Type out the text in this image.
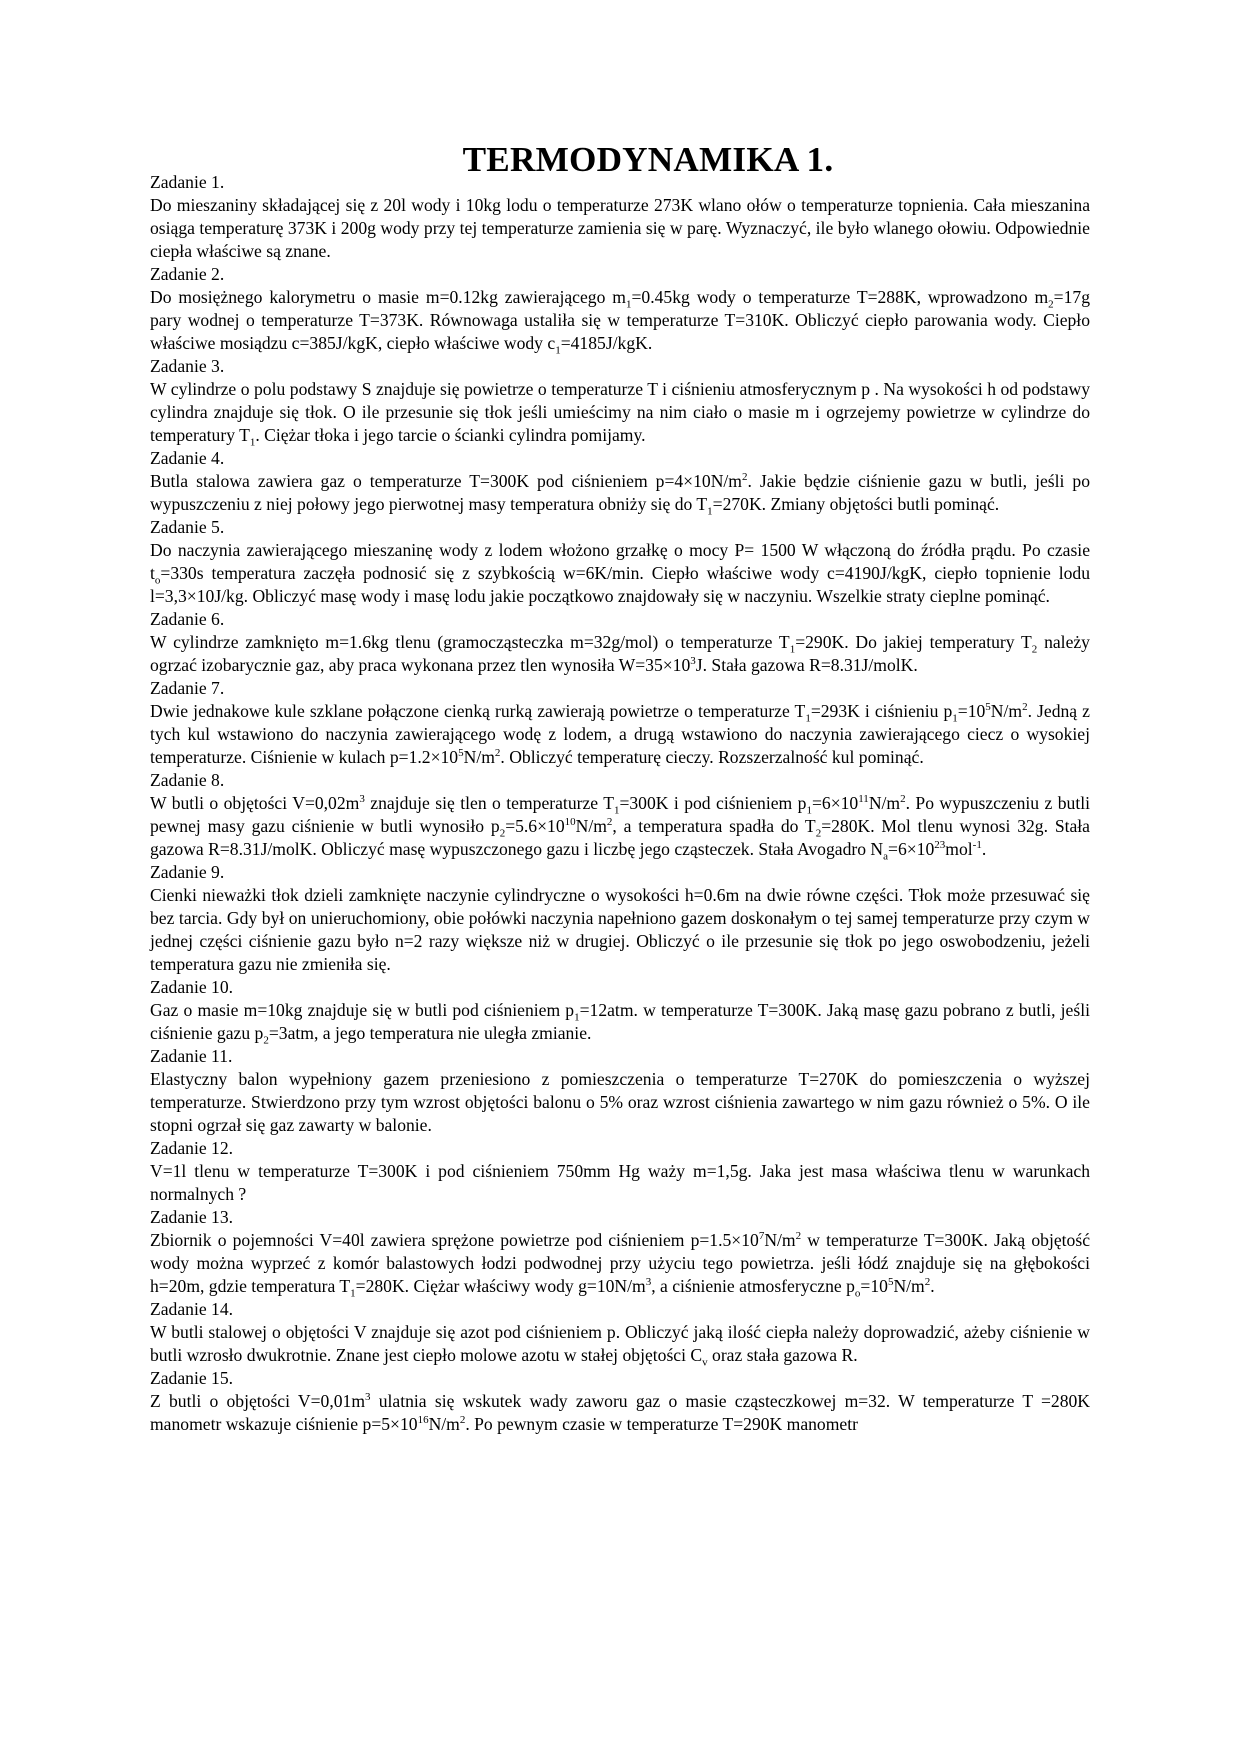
TERMODYNAMIKA 1.

Zadanie 1.

Do mieszaniny składającej się z 20l wody i 10kg lodu o temperaturze 273K wlano ołów o temperaturze topnienia. Cała mieszanina osiąga temperaturę 373K i 200g wody przy tej temperaturze zamienia się w parę. Wyznaczyć, ile było wlanego ołowiu. Odpowiednie ciepła właściwe są znane.

Zadanie 2.

Do mosiężnego kalorymetru o masie m=0.12kg zawierającego $m_1=0.45kg$ wody o temperaturze T=288K, wprowadzono $m_2=17g$ pary wodnej o temperaturze T=373K. Równowaga ustaliła się w temperaturze T=310K. Obliczyć ciepło parowania wody. Ciepło właściwe mosiądzu c=385J/kgK, ciepło właściwe wody $c_1=4185J$/kgK.

Zadanie 3.

W cylindrze o polu podstawy S znajduje się powietrze o temperaturze T i ciśnieniu atmosferycznym p . Na wysokości h od podstawy cylindra znajduje się tłok. O ile przesunie się tłok jeśli umieścimy na nim ciało o masie m i ogrzejemy powietrze w cylindrze do temperatury $T_1$. Ciężar tłoka i jego tarcie o ścianki cylindra pomijamy.

Zadanie 4.

Butla stalowa zawiera gaz o temperaturze T=300K pod ciśnieniem $p=4\times 10N/m^2$. Jakie będzie ciśnienie gazu w butli, jeśli po wypuszczeniu z niej połowy jego pierwotnej masy temperatura obniży się do $T_1=270K$. Zmiany objętości butli pominąć.

Zadanie 5.

Do naczynia zawierającego mieszaninę wody z lodem włożono grzałkę o mocy P= 1500 W włączoną do źródła prądu. Po czasie $t_o=330s$ temperatura zaczęła podnosić się z szybkością w=6K/min. Ciepło właściwe wody c=4190J/kgK, ciepło topnienie lodu l=3,3×10J/kg. Obliczyć masę wody i masę lodu jakie początkowo znajdowały się w naczyniu. Wszelkie straty cieplne pominąć.

Zadanie 6.

W cylindrze zamknięto m=1.6kg tlenu (gramocząsteczka m=32g/mol) o temperaturze $T_1=290K$. Do jakiej temperatury $T_2$ należy ogrzać izobarycznie gaz, aby praca wykonana przez tlen wynosiła $W=35\times 10^3J$. Stała gazowa R=8.31J/molK.

Zadanie 7.

Dwie jednakowe kule szklane połączone cienką rurką zawierają powietrze o temperaturze $T_1=293K$ i ciśnieniu $p_1=10^5N/m^2$. Jedną z tych kul wstawiono do naczynia zawierającego wodę z lodem, a drugą wstawiono do naczynia zawierającego ciecz o wysokiej temperaturze. Ciśnienie w kulach $p=1.2\times 10^5N/m^2$. Obliczyć temperaturę cieczy. Rozszerzalność kul pominąć.

Zadanie 8.

W butli o objętości $V=0,02m^3$ znajduje się tlen o temperaturze $T_1=300K$ i pod ciśnieniem $p_1=6\times 10^{11}N/m^2$. Po wypuszczeniu z butli pewnej masy gazu ciśnienie w butli wynosiło $p_2=5.6\times 10^{10}N/m^2$, a temperatura spadła do $T_2=280K$. Mol tlenu wynosi 32g. Stała gazowa R=8.31J/molK. Obliczyć masę wypuszczonego gazu i liczbę jego cząsteczek. Stała Avogadro $N_a=6\times 10^{23}mol^{-1}$.

Zadanie 9.

Cienki nieważki tłok dzieli zamknięte naczynie cylindryczne o wysokości h=0.6m na dwie równe części. Tłok może przesuwać się bez tarcia. Gdy był on unieruchomiony, obie połówki naczynia napełniono gazem doskonałym o tej samej temperaturze przy czym w jednej części ciśnienie gazu było n=2 razy większe niż w drugiej. Obliczyć o ile przesunie się tłok po jego oswobodzeniu, jeżeli temperatura gazu nie zmieniła się.

Zadanie 10.

Gaz o masie m=10kg znajduje się w butli pod ciśnieniem $p_1=12atm$. w temperaturze T=300K. Jaką masę gazu pobrano z butli, jeśli ciśnienie gazu $p_2=3atm$, a jego temperatura nie uległa zmianie.

Zadanie 11.

Elastyczny balon wypełniony gazem przeniesiono z pomieszczenia o temperaturze T=270K do pomieszczenia o wyższej temperaturze. Stwierdzono przy tym wzrost objętości balonu o 5% oraz wzrost ciśnienia zawartego w nim gazu również o 5%. O ile stopni ogrzał się gaz zawarty w balonie.

Zadanie 12.

V=1l tlenu w temperaturze T=300K i pod ciśnieniem 750mm Hg waży m=1,5g. Jaka jest masa właściwa tlenu w warunkach normalnych ?

Zadanie 13.

Zbiornik o pojemności V=40l zawiera sprężone powietrze pod ciśnieniem $p=1.5\times 10^7N/m^2$ w temperaturze T=300K. Jaką objętość wody można wyprzeć z komór balastowych łodzi podwodnej przy użyciu tego powietrza. jeśli łódź znajduje się na głębokości h=20m, gdzie temperatura $T_1=280K$. Ciężar właściwy wody $g=10N/m^3$, a ciśnienie atmosferyczne $p_o=10^5N/m^2$.

Zadanie 14.

W butli stalowej o objętości V znajduje się azot pod ciśnieniem p. Obliczyć jaką ilość ciepła należy doprowadzić, ażeby ciśnienie w butli wzrosło dwukrotnie. Znane jest ciepło molowe azotu w stałej objętości $C_v$ oraz stała gazowa R.

Zadanie 15.

Z butli o objętości $V=0,01m^3$ ulatnia się wskutek wady zaworu gaz o masie cząsteczkowej m=32. W temperaturze T =280K manometr wskazuje ciśnienie $p=5\times 10^{16}N/m^2$. Po pewnym czasie w temperaturze T=290K manometr
